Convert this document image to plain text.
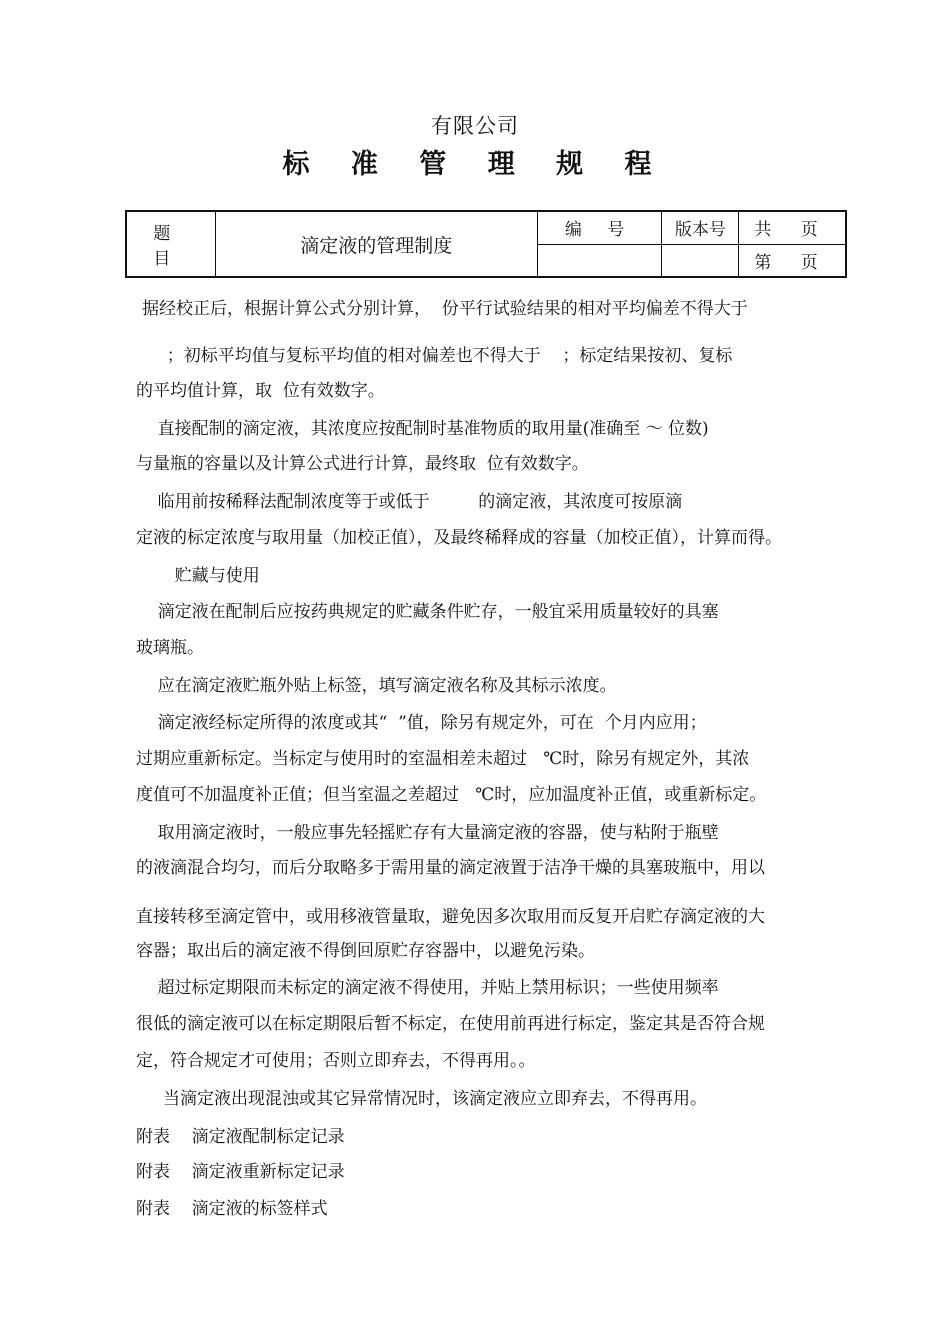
有限公司
标 准 管 理 规 程
题 目	滴定液的管理制度	编 号	版本号	共 页
				第 页
据经校正后，根据计算公式分别计算，  份平行试验结果的相对平均偏差不得大于
；初标平均值与复标平均值的相对偏差也不得大于    ；标定结果按初、复标
的平均值计算，取  位有效数字。
直接配制的滴定液，其浓度应按配制时基准物质的取用量(准确至 ～ 位数)
与量瓶的容量以及计算公式进行计算，最终取  位有效数字。
临用前按稀释法配制浓度等于或低于         的滴定液，其浓度可按原滴
定液的标定浓度与取用量（加校正值），及最终稀释成的容量（加校正值），计算而得。
贮藏与使用
滴定液在配制后应按药典规定的贮藏条件贮存，一般宜采用质量较好的具塞
玻璃瓶。
应在滴定液贮瓶外贴上标签，填写滴定液名称及其标示浓度。
滴定液经标定所得的浓度或其“  ”值，除另有规定外，可在  个月内应用；
过期应重新标定。当标定与使用时的室温相差未超过   ℃时，除另有规定外，其浓
度值可不加温度补正值；但当室温之差超过   ℃时，应加温度补正值，或重新标定。
取用滴定液时，一般应事先轻摇贮存有大量滴定液的容器，使与粘附于瓶壁
的液滴混合均匀，而后分取略多于需用量的滴定液置于洁净干燥的具塞玻瓶中，用以
直接转移至滴定管中，或用移液管量取，避免因多次取用而反复开启贮存滴定液的大
容器；取出后的滴定液不得倒回原贮存容器中，以避免污染。
超过标定期限而未标定的滴定液不得使用，并贴上禁用标识；一些使用频率
很低的滴定液可以在标定期限后暂不标定，在使用前再进行标定，鉴定其是否符合规
定，符合规定才可使用；否则立即弃去，不得再用。。
当滴定液出现混浊或其它异常情况时，该滴定液应立即弃去，不得再用。
附表    滴定液配制标定记录
附表    滴定液重新标定记录
附表    滴定液的标签样式
